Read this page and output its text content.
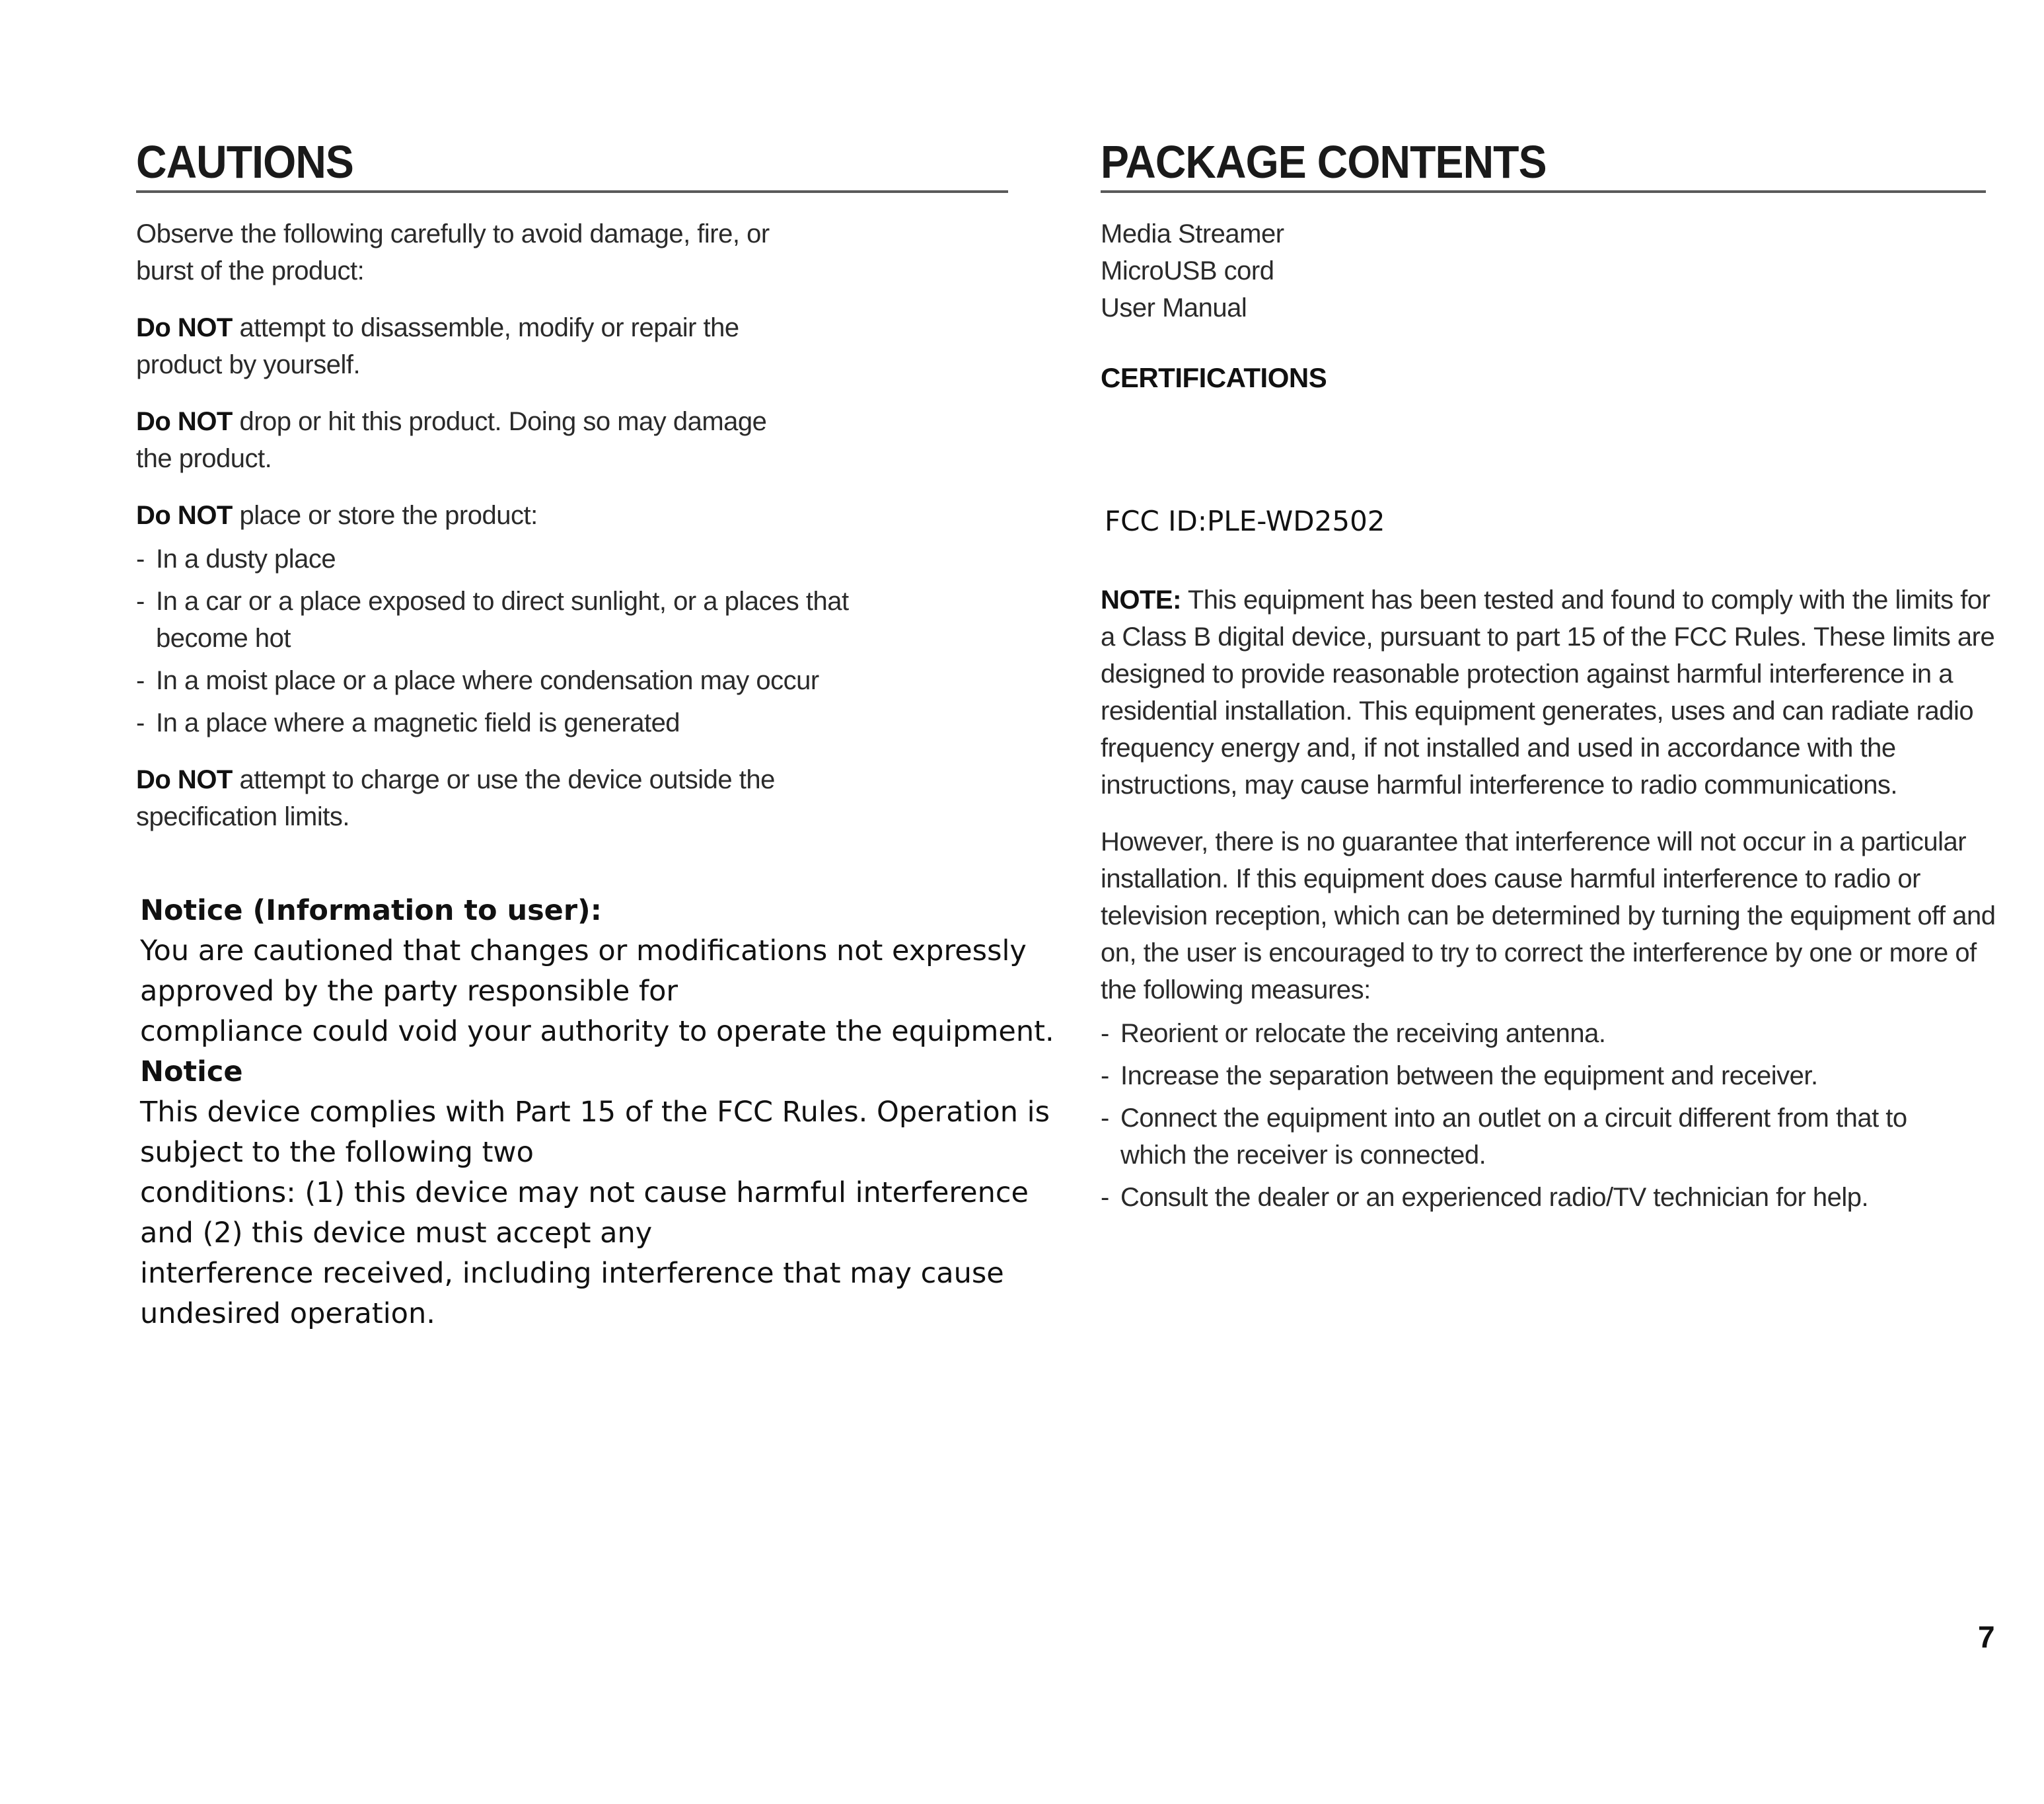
CAUTIONS

Observe the following carefully to avoid damage, fire, or burst of the product:

Do NOT attempt to disassemble, modify or repair the product by yourself.

Do NOT drop or hit this product. Doing so may damage the product.

Do NOT place or store the product:

- In a dusty place
- In a car or a place exposed to direct sunlight, or a places that become hot
- In a moist place or a place where condensation may occur
- In a place where a magnetic field is generated

Do NOT attempt to charge or use the device outside the specification limits.

Notice (Information to user):
You are cautioned that changes or modifications not expressly
approved by the party responsible for
compliance could void your authority to operate the equipment.
Notice
This device complies with Part 15 of the FCC Rules. Operation is
subject to the following two
conditions: (1) this device may not cause harmful interference
and (2) this device must accept any
interference received, including interference that may cause
undesired operation.
PACKAGE CONTENTS
Media Streamer
MicroUSB cord
User Manual
CERTIFICATIONS
FCC ID:PLE-WD2502

NOTE: This equipment has been tested and found to comply with the limits for a Class B digital device, pursuant to part 15 of the FCC Rules. These limits are designed to provide reasonable protection against harmful interference in a residential installation. This equipment generates, uses and can radiate radio frequency energy and, if not installed and used in accordance with the instructions, may cause harmful interference to radio communications.

However, there is no guarantee that interference will not occur in a particular installation. If this equipment does cause harmful interference to radio or television reception, which can be determined by turning the equipment off and on, the user is encouraged to try to correct the interference by one or more of the following measures:

- Reorient or relocate the receiving antenna.
- Increase the separation between the equipment and receiver.
- Connect the equipment into an outlet on a circuit different from that to which the receiver is connected.
- Consult the dealer or an experienced radio/TV technician for help.
7
